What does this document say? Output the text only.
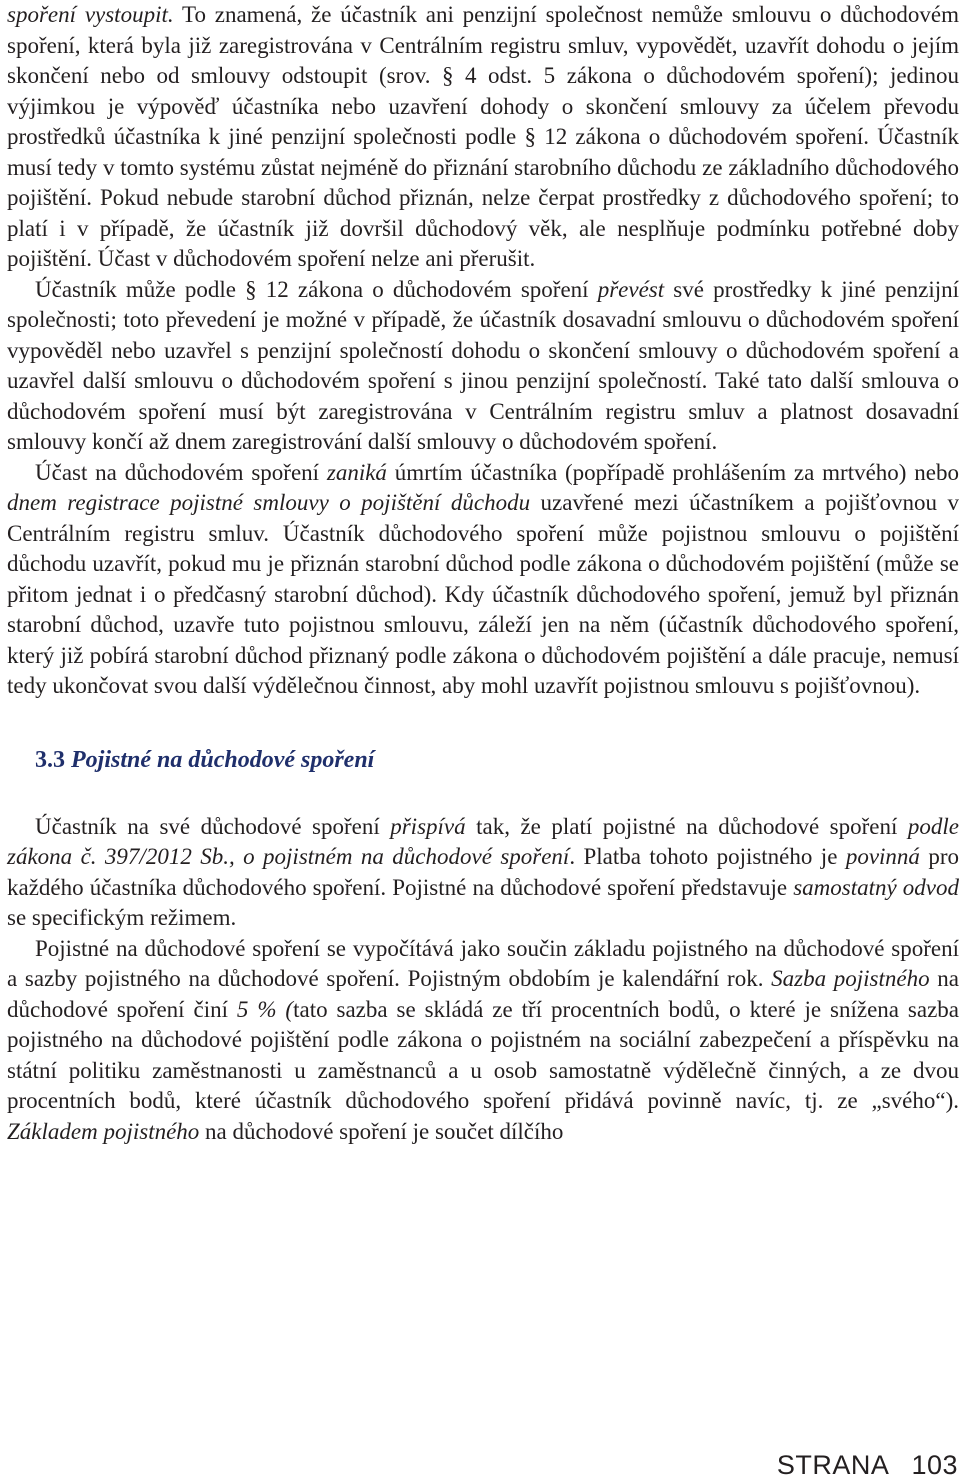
spoření vystoupit. To znamená, že účastník ani penzijní společnost nemůže smlouvu o důchodovém spoření, která byla již zaregistrována v Centrálním registru smluv, vypovědět, uzavřít dohodu o jejím skončení nebo od smlouvy odstoupit (srov. § 4 odst. 5 zákona o důchodovém spoření); jedinou výjimkou je výpověď účastníka nebo uzavření dohody o skončení smlouvy za účelem převodu prostředků účastníka k jiné penzijní společnosti podle § 12 zákona o důchodovém spoření. Účastník musí tedy v tomto systému zůstat nejméně do přiznání starobního důchodu ze základního důchodového pojištění. Pokud nebude starobní důchod přiznán, nelze čerpat prostředky z důchodového spoření; to platí i v případě, že účastník již dovršil důchodový věk, ale nesplňuje podmínku potřebné doby pojištění. Účast v důchodovém spoření nelze ani přerušit.

Účastník může podle § 12 zákona o důchodovém spoření převést své prostředky k jiné penzijní společnosti; toto převedení je možné v případě, že účastník dosavadní smlouvu o důchodovém spoření vypověděl nebo uzavřel s penzijní společností dohodu o skončení smlouvy o důchodovém spoření a uzavřel další smlouvu o důchodovém spoření s jinou penzijní společností. Také tato další smlouva o důchodovém spoření musí být zaregistrována v Centrálním registru smluv a platnost dosavadní smlouvy končí až dnem zaregistrování další smlouvy o důchodovém spoření.

Účast na důchodovém spoření zaniká úmrtím účastníka (popřípadě prohlášením za mrtvého) nebo dnem registrace pojistné smlouvy o pojištění důchodu uzavřené mezi účastníkem a pojišťovnou v Centrálním registru smluv. Účastník důchodového spoření může pojistnou smlouvu o pojištění důchodu uzavřít, pokud mu je přiznán starobní důchod podle zákona o důchodovém pojištění (může se přitom jednat i o předčasný starobní důchod). Kdy účastník důchodového spoření, jemuž byl přiznán starobní důchod, uzavře tuto pojistnou smlouvu, záleží jen na něm (účastník důchodového spoření, který již pobírá starobní důchod přiznaný podle zákona o důchodovém pojištění a dále pracuje, nemusí tedy ukončovat svou další výdělečnou činnost, aby mohl uzavřít pojistnou smlouvu s pojišťovnou).

3.3 Pojistné na důchodové spoření

Účastník na své důchodové spoření přispívá tak, že platí pojistné na důchodové spoření podle zákona č. 397/2012 Sb., o pojistném na důchodové spoření. Platba tohoto pojistného je povinná pro každého účastníka důchodového spoření. Pojistné na důchodové spoření představuje samostatný odvod se specifickým režimem.

Pojistné na důchodové spoření se vypočítává jako součin základu pojistného na důchodové spoření a sazby pojistného na důchodové spoření. Pojistným obdobím je kalendářní rok. Sazba pojistného na důchodové spoření činí 5 % (tato sazba se skládá ze tří procentních bodů, o které je snížena sazba pojistného na důchodové pojištění podle zákona o pojistném na sociální zabezpečení a příspěvku na státní politiku zaměstnanosti u zaměstnanců a u osob samostatně výdělečně činných, a ze dvou procentních bodů, které účastník důchodového spoření přidává povinně navíc, tj. ze „svého“). Základem pojistného na důchodové spoření je součet dílčího

STRANA 103
